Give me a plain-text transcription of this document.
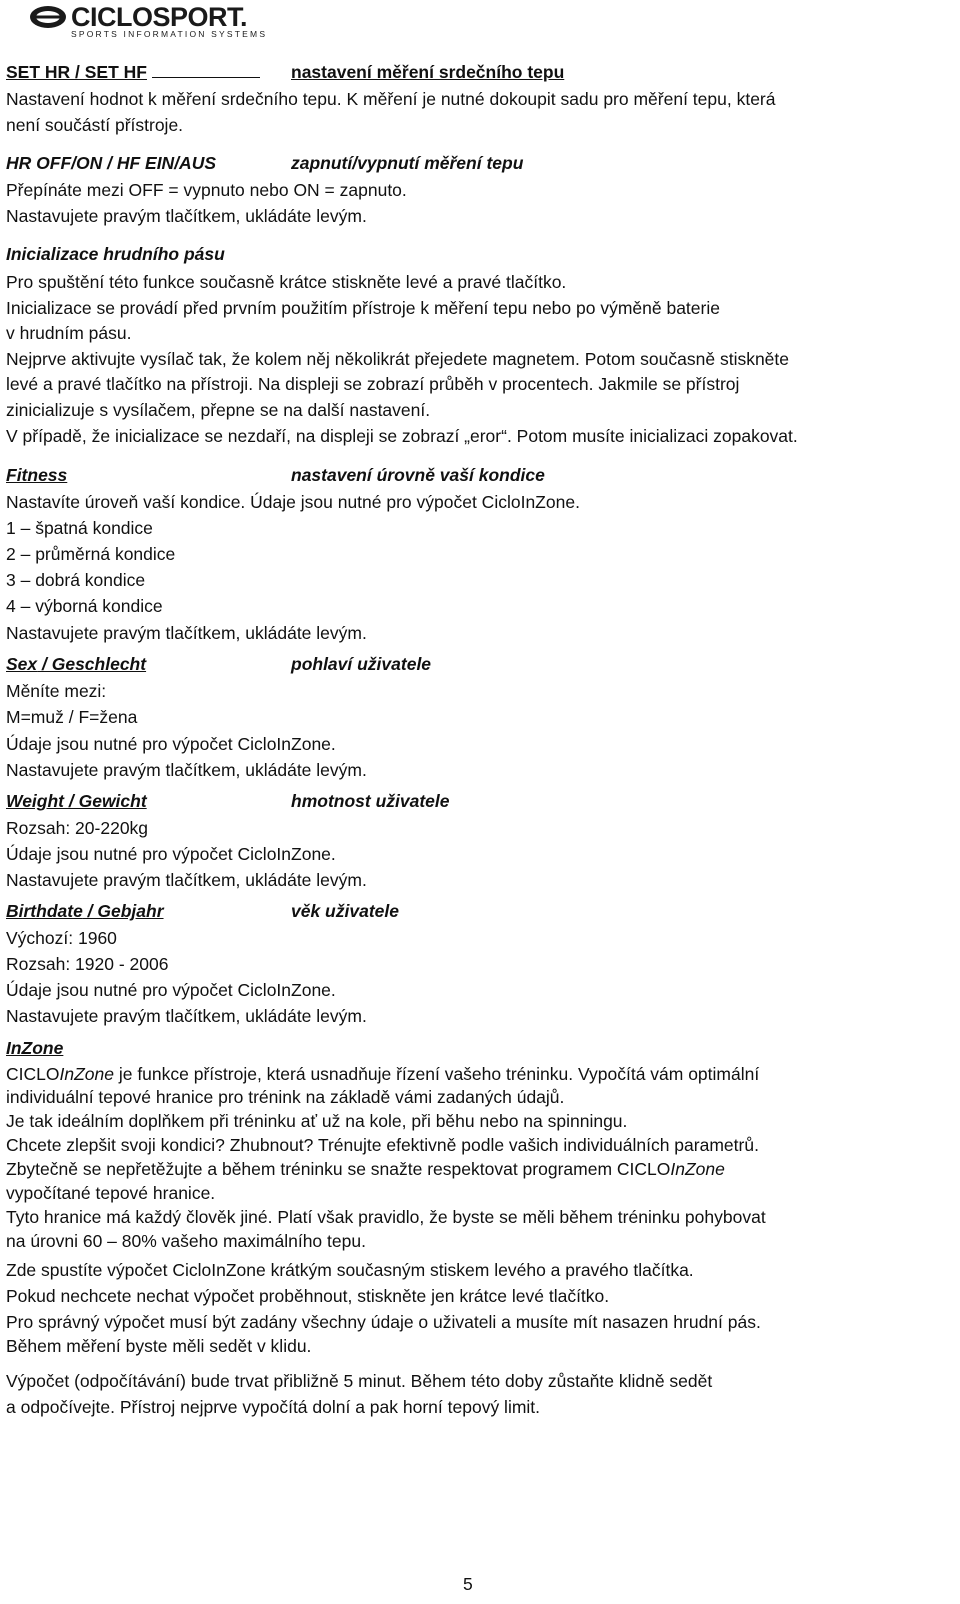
CICLOSPORT.
SPORTS INFORMATION SYSTEMS
SET HR / SET HF	nastavení měření srdečního tepu
Nastavení hodnot k měření srdečního tepu. K měření je nutné dokoupit sadu pro měření tepu, která
není součástí přístroje.
HR OFF/ON / HF EIN/AUS	zapnutí/vypnutí měření tepu
Přepínáte mezi OFF = vypnuto nebo ON = zapnuto.
Nastavujete pravým tlačítkem, ukládáte levým.
Inicializace hrudního pásu
Pro spuštění této funkce současně krátce stiskněte levé a pravé tlačítko.
Inicializace se provádí před prvním použitím přístroje k měření tepu nebo po výměně baterie
v hrudním pásu.
Nejprve aktivujte vysílač tak, že kolem něj několikrát přejedete magnetem. Potom současně stiskněte
levé a pravé tlačítko na přístroji. Na displeji se zobrazí průběh v procentech. Jakmile se přístroj
zinicializuje s vysílačem, přepne se na další nastavení.
V případě, že inicializace se nezdaří, na displeji se zobrazí „eror“. Potom musíte inicializaci zopakovat.
Fitness	nastavení úrovně vaší kondice
Nastavíte úroveň vaší kondice. Údaje jsou nutné pro výpočet CicloInZone.
1 – špatná kondice
2 – průměrná kondice
3 – dobrá kondice
4 – výborná kondice
Nastavujete pravým tlačítkem, ukládáte levým.
Sex / Geschlecht	pohlaví uživatele
Měníte mezi:
M=muž / F=žena
Údaje jsou nutné pro výpočet CicloInZone.
Nastavujete pravým tlačítkem, ukládáte levým.
Weight / Gewicht	hmotnost uživatele
Rozsah: 20-220kg
Údaje jsou nutné pro výpočet CicloInZone.
Nastavujete pravým tlačítkem, ukládáte levým.
Birthdate / Gebjahr	věk uživatele
Výchozí: 1960
Rozsah: 1920 - 2006
Údaje jsou nutné pro výpočet CicloInZone.
Nastavujete pravým tlačítkem, ukládáte levým.
InZone
CICLOInZone je funkce přístroje, která usnadňuje řízení vašeho tréninku. Vypočítá vám optimální
individuální tepové hranice pro trénink na základě vámi zadaných údajů.
Je tak ideálním doplňkem při tréninku ať už na kole, při běhu nebo na spinningu.
Chcete zlepšit svoji kondici? Zhubnout? Trénujte efektivně podle vašich individuálních parametrů.
Zbytečně se nepřetěžujte a během tréninku se snažte respektovat programem CICLOInZone
vypočítané tepové hranice.
Tyto hranice má každý člověk jiné. Platí však pravidlo, že byste se měli během tréninku pohybovat
na úrovni 60 – 80% vašeho maximálního tepu.
Zde spustíte výpočet CicloInZone krátkým současným stiskem levého a pravého tlačítka.
Pokud nechcete nechat výpočet proběhnout, stiskněte jen krátce levé tlačítko.
Pro správný výpočet musí být zadány všechny údaje o uživateli a musíte mít nasazen hrudní pás.
Během měření byste měli sedět v klidu.
Výpočet (odpočítávání) bude trvat přibližně 5 minut. Během této doby zůstaňte klidně sedět
a odpočívejte. Přístroj nejprve vypočítá dolní a pak horní tepový limit.
5
